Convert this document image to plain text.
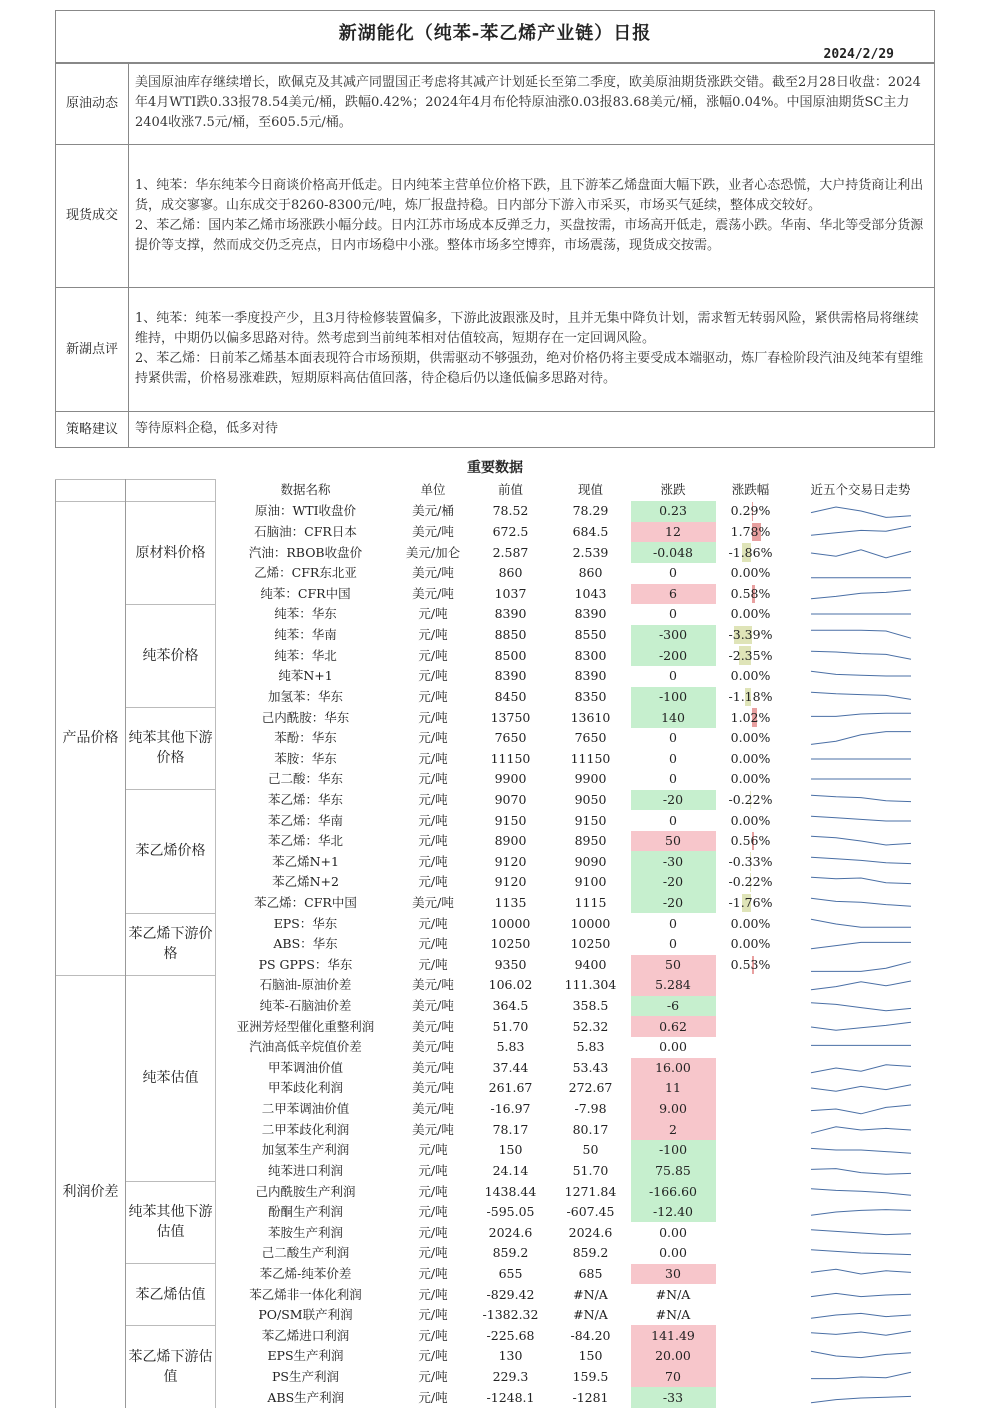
新湖能化（纯苯-苯乙烯产业链）日报
2024/2/29
原油动态	美国原油库存继续增长，欧佩克及其减产同盟国正考虑将其减产计划延长至第二季度，欧美原油期货涨跌交错。截至2月28日收盘：2024年4月WTI跌0.33报78.54美元/桶，跌幅0.42%；2024年4月布伦特原油涨0.03报83.68美元/桶，涨幅0.04%。中国原油期货SC主力2404收涨7.5元/桶，至605.5元/桶。

现货成交	1、纯苯：华东纯苯今日商谈价格高开低走。日内纯苯主营单位价格下跌，且下游苯乙烯盘面大幅下跌，业者心态恐慌，大户持货商让利出货，成交寥寥。山东成交于8260-8300元/吨，炼厂报盘持稳。日内部分下游入市采买，市场买气延续，整体成交较好。

2、苯乙烯：国内苯乙烯市场涨跌小幅分歧。日内江苏市场成本反弹乏力，买盘按需，市场高开低走，震荡小跌。华南、华北等受部分货源提价等支撑，然而成交仍乏亮点，日内市场稳中小涨。整体市场多空博弈，市场震荡，现货成交按需。

新湖点评	1、纯苯：纯苯一季度投产少，且3月待检修装置偏多，下游此波跟涨及时，且并无集中降负计划，需求暂无转弱风险，紧供需格局将继续维持，中期仍以偏多思路对待。然考虑到当前纯苯相对估值较高，短期存在一定回调风险。

2、苯乙烯：日前苯乙烯基本面表现符合市场预期，供需驱动不够强劲，绝对价格仍将主要受成本端驱动，炼厂春检阶段汽油及纯苯有望维持紧供需，价格易涨难跌，短期原料高估值回落，待企稳后仍以逢低偏多思路对待。

策略建议	等待原料企稳，低多对待

重要数据
		数据名称	单位	前值	现值	涨跌	涨跌幅	近五个交易日走势
产品价格	原材料价格	原油：WTI收盘价	美元/桶	78.52	78.29	0.23	0.29%	

		石脑油：CFR日本	美元/吨	672.5	684.5	12	1.78%	

		汽油：RBOB收盘价	美元/加仑	2.587	2.539	-0.048	-1.86%	

		乙烯：CFR东北亚	美元/吨	860	860	0	0.00%	

		纯苯：CFR中国	美元/吨	1037	1043	6	0.58%	

	纯苯价格	纯苯：华东	元/吨	8390	8390	0	0.00%	

		纯苯：华南	元/吨	8850	8550	-300	-3.39%	

		纯苯：华北	元/吨	8500	8300	-200	-2.35%	

		纯苯N+1	元/吨	8390	8390	0	0.00%	

		加氢苯：华东	元/吨	8450	8350	-100	-1.18%	

	纯苯其他下游价格	己内酰胺：华东	元/吨	13750	13610	140	1.02%	

		苯酚：华东	元/吨	7650	7650	0	0.00%	

		苯胺：华东	元/吨	11150	11150	0	0.00%	

		己二酸：华东	元/吨	9900	9900	0	0.00%	

	苯乙烯价格	苯乙烯：华东	元/吨	9070	9050	-20	-0.22%	

		苯乙烯：华南	元/吨	9150	9150	0	0.00%	

		苯乙烯：华北	元/吨	8900	8950	50	0.56%	

		苯乙烯N+1	元/吨	9120	9090	-30	-0.33%	

		苯乙烯N+2	元/吨	9120	9100	-20	-0.22%	

		苯乙烯：CFR中国	美元/吨	1135	1115	-20	-1.76%	

	苯乙烯下游价格	EPS：华东	元/吨	10000	10000	0	0.00%	

		ABS：华东	元/吨	10250	10250	0	0.00%	

		PS GPPS：华东	元/吨	9350	9400	50	0.53%	

利润价差	纯苯估值	石脑油-原油价差	美元/吨	106.02	111.304	5.284		

		纯苯-石脑油价差	美元/吨	364.5	358.5	-6		

		亚洲芳烃型催化重整利润	美元/吨	51.70	52.32	0.62		

		汽油高低辛烷值价差	美元/吨	5.83	5.83	0.00		

		甲苯调油价值	美元/吨	37.44	53.43	16.00		

		甲苯歧化利润	美元/吨	261.67	272.67	11		

		二甲苯调油价值	美元/吨	-16.97	-7.98	9.00		

		二甲苯歧化利润	美元/吨	78.17	80.17	2		

		加氢苯生产利润	元/吨	150	50	-100		

		纯苯进口利润	元/吨	24.14	51.70	75.85		

	纯苯其他下游估值	己内酰胺生产利润	元/吨	1438.44	1271.84	-166.60		

		酚酮生产利润	元/吨	-595.05	-607.45	-12.40		

		苯胺生产利润	元/吨	2024.6	2024.6	0.00		

		己二酸生产利润	元/吨	859.2	859.2	0.00		

	苯乙烯估值	苯乙烯-纯苯价差	元/吨	655	685	30		

		苯乙烯非一体化利润	元/吨	-829.42	#N/A	#N/A		

		PO/SM联产利润	元/吨	-1382.32	#N/A	#N/A		

	苯乙烯下游估值	苯乙烯进口利润	元/吨	-225.68	-84.20	141.49		

		EPS生产利润	元/吨	130	150	20.00		

		PS生产利润	元/吨	229.3	159.5	70		

		ABS生产利润	元/吨	-1248.1	-1281	-33		
